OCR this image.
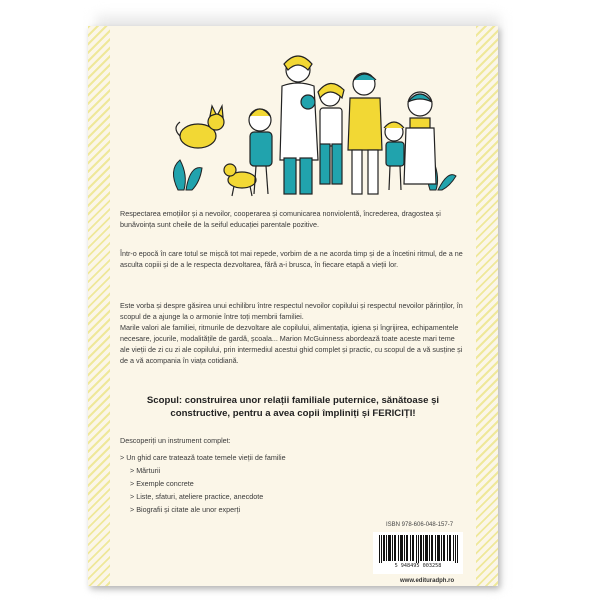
Respectarea emoțiilor și a nevoilor, cooperarea și comunicarea nonviolentă, încrederea, dragostea și bunăvoința sunt cheile de la seiful educației parentale pozitive.

Într-o epocă în care totul se mișcă tot mai repede, vorbim de a ne acorda timp și de a încetini ritmul, de a ne asculta copiii și de a le respecta dezvoltarea, fără a-i brusca, în fiecare etapă a vieții lor.

Este vorba și despre găsirea unui echilibru între respectul nevoilor copilului și respectul nevoilor părinților, în scopul de a ajunge la o armonie între toți membrii familiei.

Marile valori ale familiei, ritmurile de dezvoltare ale copilului, alimentația, igiena și îngrijirea, echipamentele necesare, jocurile, modalitățile de gardă, școala... Marion McGuinness abordează toate aceste mari teme ale vieții de zi cu zi ale copilului, prin intermediul acestui ghid complet și practic, cu scopul de a vă susține și de a vă acompania în viața cotidiană.

Scopul: construirea unor relații familiale puternice, sănătoase și constructive, pentru a avea copii împliniți și FERICIȚI!
Descoperiți un instrument complet:
> Un ghid care tratează toate temele vieții de familie
> Mărturii
> Exemple concrete
> Liste, sfaturi, ateliere practice, anecdote
> Biografii și citate ale unor experți
ISBN 978-606-048-157-7
5 948495 003258
www.edituradph.ro
